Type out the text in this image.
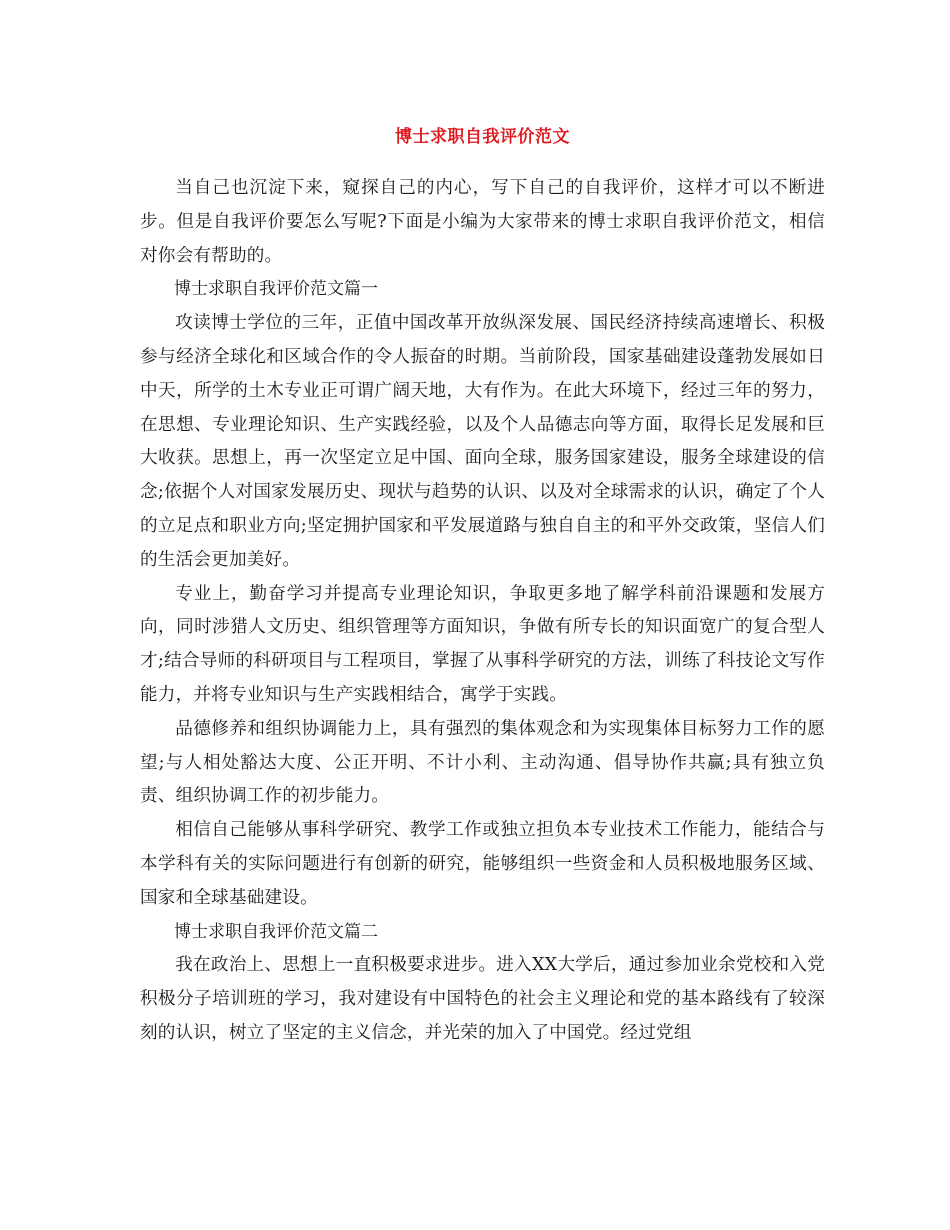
博士求职自我评价范文

当自己也沉淀下来，窥探自己的内心，写下自己的自我评价，这样才可以不断进步。但是自我评价要怎么写呢?下面是小编为大家带来的博士求职自我评价范文，相信对你会有帮助的。

博士求职自我评价范文篇一

攻读博士学位的三年，正值中国改革开放纵深发展、国民经济持续高速增长、积极参与经济全球化和区域合作的令人振奋的时期。当前阶段，国家基础建设蓬勃发展如日中天，所学的土木专业正可谓广阔天地，大有作为。在此大环境下，经过三年的努力，在思想、专业理论知识、生产实践经验，以及个人品德志向等方面，取得长足发展和巨大收获。思想上，再一次坚定立足中国、面向全球，服务国家建设，服务全球建设的信念;依据个人对国家发展历史、现状与趋势的认识、以及对全球需求的认识，确定了个人的立足点和职业方向;坚定拥护国家和平发展道路与独自自主的和平外交政策，坚信人们的生活会更加美好。

专业上，勤奋学习并提高专业理论知识，争取更多地了解学科前沿课题和发展方向，同时涉猎人文历史、组织管理等方面知识，争做有所专长的知识面宽广的复合型人才;结合导师的科研项目与工程项目，掌握了从事科学研究的方法，训练了科技论文写作能力，并将专业知识与生产实践相结合，寓学于实践。

品德修养和组织协调能力上，具有强烈的集体观念和为实现集体目标努力工作的愿望;与人相处豁达大度、公正开明、不计小利、主动沟通、倡导协作共赢;具有独立负责、组织协调工作的初步能力。

相信自己能够从事科学研究、教学工作或独立担负本专业技术工作能力，能结合与本学科有关的实际问题进行有创新的研究，能够组织一些资金和人员积极地服务区域、国家和全球基础建设。

博士求职自我评价范文篇二

我在政治上、思想上一直积极要求进步。进入XX大学后，通过参加业余党校和入党积极分子培训班的学习，我对建设有中国特色的社会主义理论和党的基本路线有了较深刻的认识，树立了坚定的主义信念，并光荣的加入了中国党。经过党组
